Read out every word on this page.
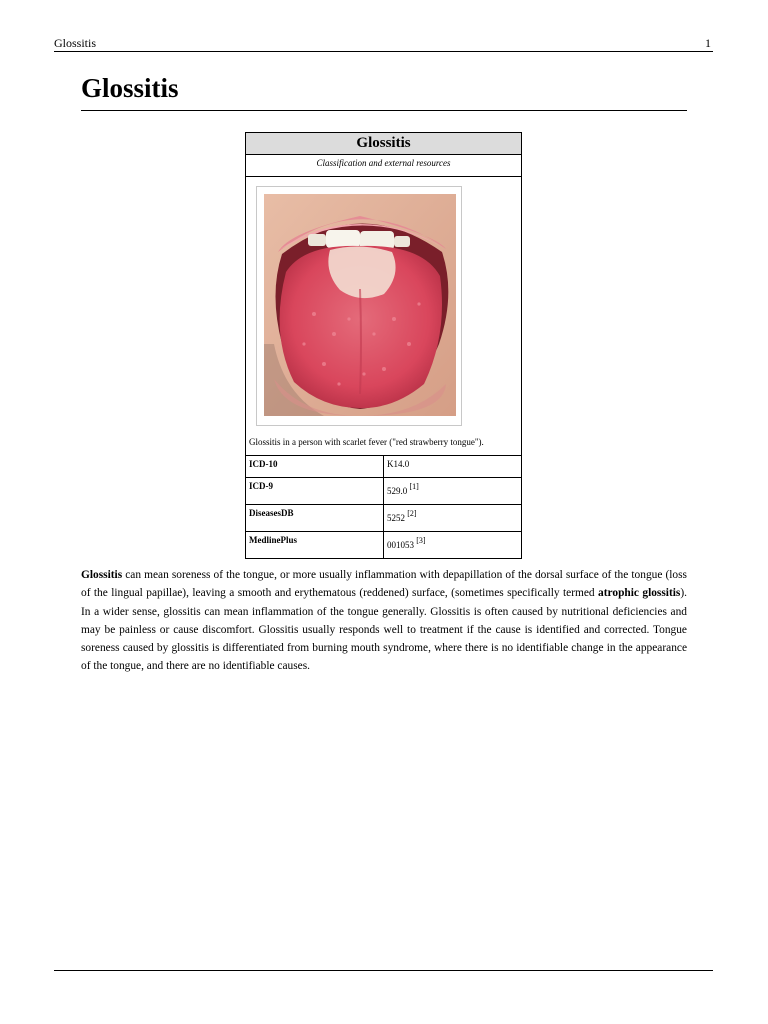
Glossitis	1
Glossitis
Glossitis
Classification and external resources
Glossitis in a person with scarlet fever ("red strawberry tongue").
ICD-10	K14.0
ICD-9	529.0 [1]
DiseasesDB	5252 [2]
MedlinePlus	001053 [3]

Glossitis can mean soreness of the tongue, or more usually inflammation with depapillation of the dorsal surface of the tongue (loss of the lingual papillae), leaving a smooth and erythematous (reddened) surface, (sometimes specifically termed atrophic glossitis). In a wider sense, glossitis can mean inflammation of the tongue generally. Glossitis is often caused by nutritional deficiencies and may be painless or cause discomfort. Glossitis usually responds well to treatment if the cause is identified and corrected. Tongue soreness caused by glossitis is differentiated from burning mouth syndrome, where there is no identifiable change in the appearance of the tongue, and there are no identifiable causes.
